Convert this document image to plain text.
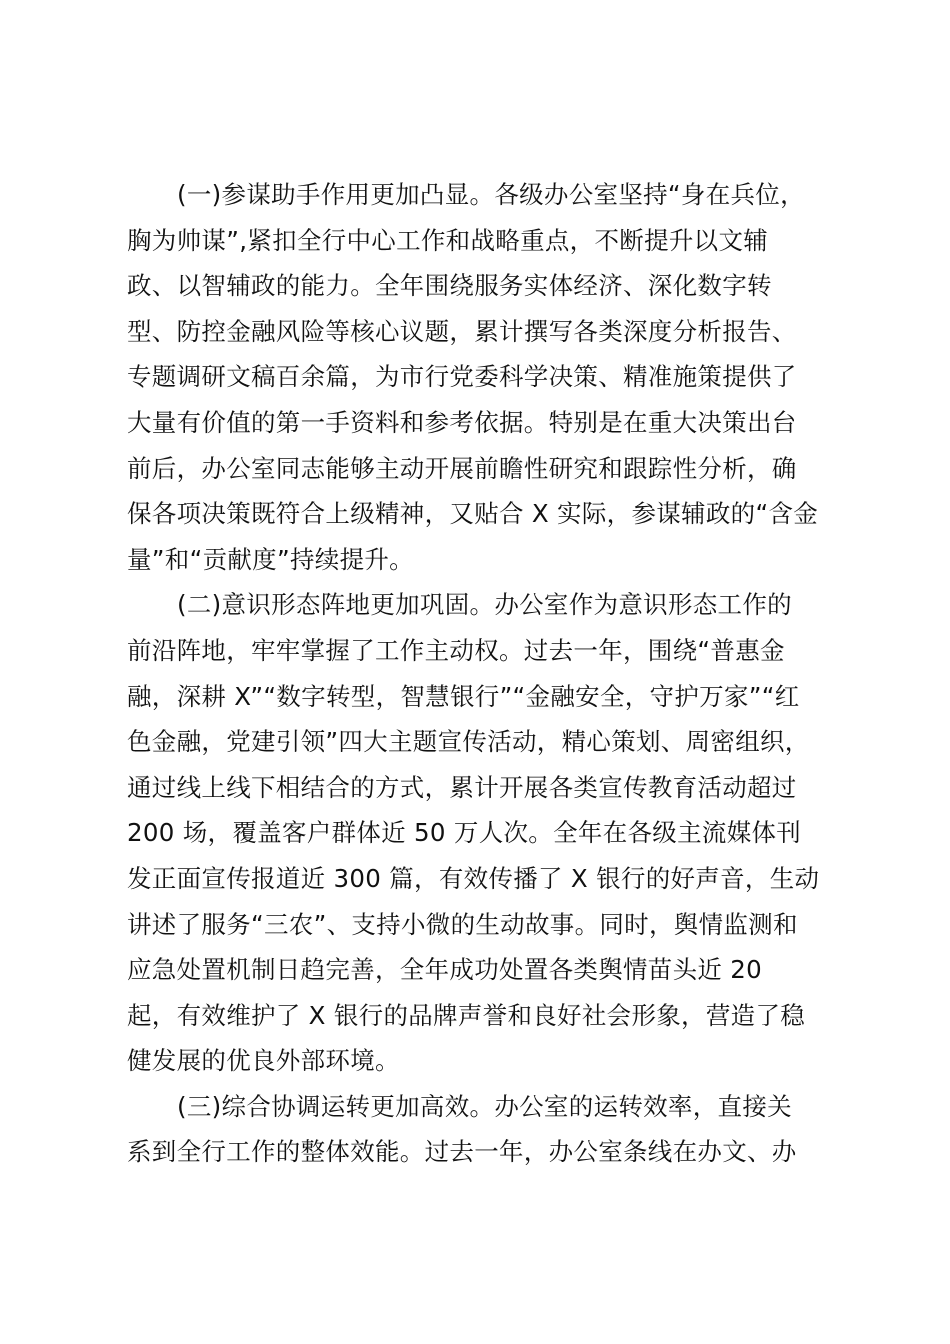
(一)参谋助手作用更加凸显。各级办公室坚持“身在兵位，
胸为帅谋”,紧扣全行中心工作和战略重点，不断提升以文辅
政、以智辅政的能力。全年围绕服务实体经济、深化数字转
型、防控金融风险等核心议题，累计撰写各类深度分析报告、
专题调研文稿百余篇，为市行党委科学决策、精准施策提供了
大量有价值的第一手资料和参考依据。特别是在重大决策出台
前后，办公室同志能够主动开展前瞻性研究和跟踪性分析，确
保各项决策既符合上级精神，又贴合 X 实际，参谋辅政的“含金
量”和“贡献度”持续提升。
(二)意识形态阵地更加巩固。办公室作为意识形态工作的
前沿阵地，牢牢掌握了工作主动权。过去一年，围绕“普惠金
融，深耕 X”“数字转型，智慧银行”“金融安全，守护万家”“红
色金融，党建引领”四大主题宣传活动，精心策划、周密组织，
通过线上线下相结合的方式，累计开展各类宣传教育活动超过
200 场，覆盖客户群体近 50 万人次。全年在各级主流媒体刊
发正面宣传报道近 300 篇，有效传播了 X 银行的好声音，生动
讲述了服务“三农”、支持小微的生动故事。同时，舆情监测和
应急处置机制日趋完善，全年成功处置各类舆情苗头近 20
起，有效维护了 X 银行的品牌声誉和良好社会形象，营造了稳
健发展的优良外部环境。
(三)综合协调运转更加高效。办公室的运转效率，直接关
系到全行工作的整体效能。过去一年，办公室条线在办文、办
